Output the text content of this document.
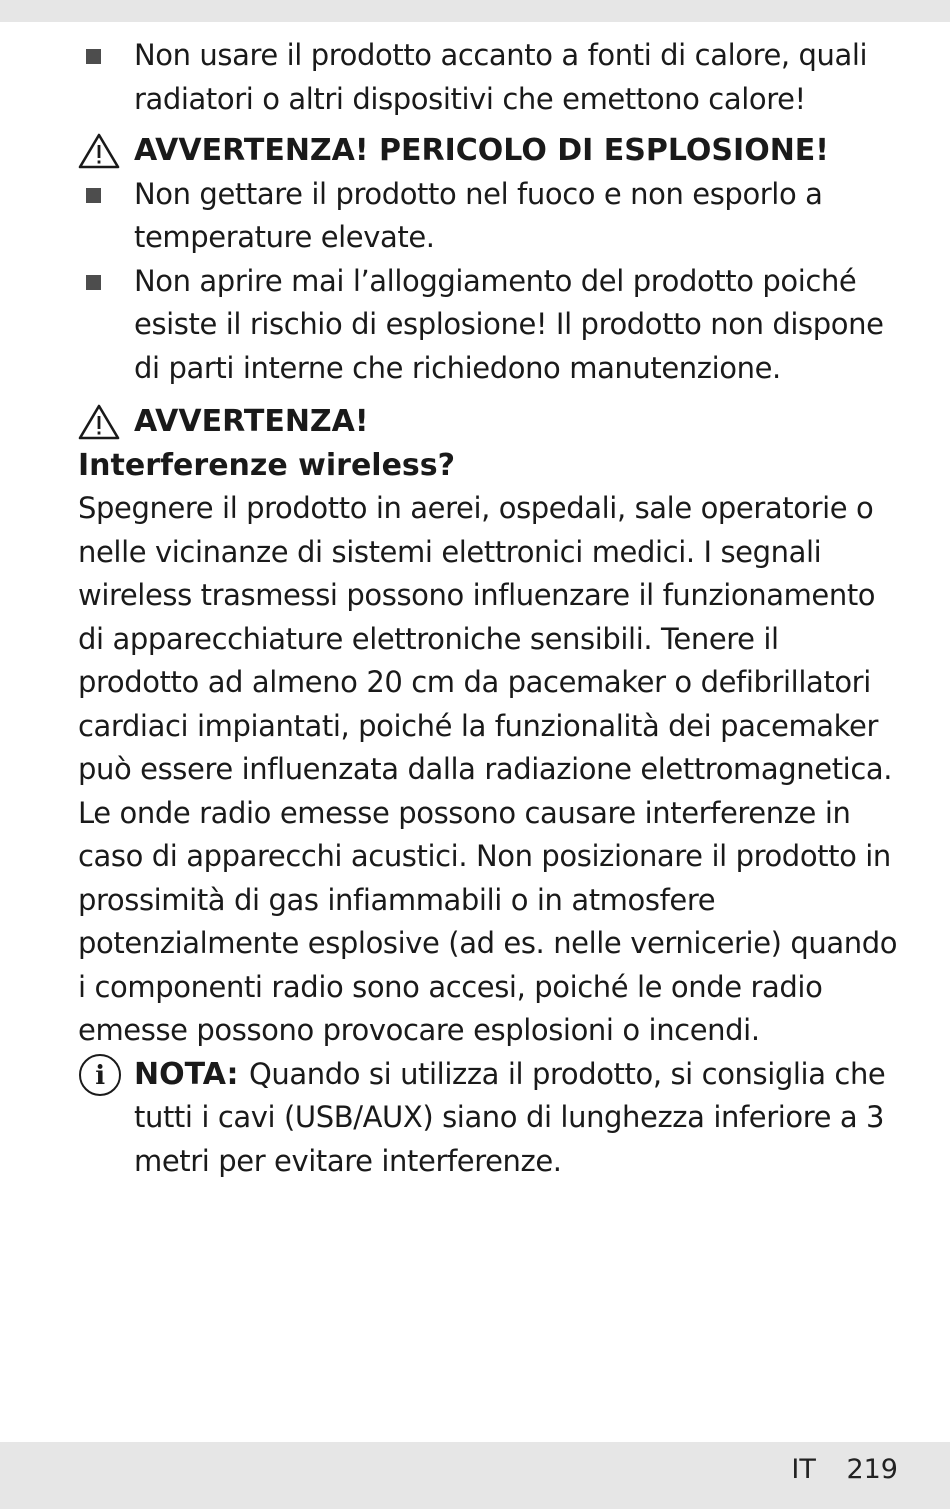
Non usare il prodotto accanto a fonti di calore, quali radiatori o altri dispositivi che emettono calore!
AVVERTENZA! PERICOLO DI ESPLOSIONE!
Non gettare il prodotto nel fuoco e non esporlo a temperature elevate.
Non aprire mai l’alloggiamento del prodotto poiché esiste il rischio di esplosione! Il prodotto non dispone di parti interne che richiedono manutenzione.
AVVERTENZA!
Interferenze wireless?
Spegnere il prodotto in aerei, ospedali, sale operatorie o nelle vicinanze di sistemi elettronici medici. I segnali wireless trasmessi possono influenzare il funzionamento di apparecchiature elettroniche sensibili. Tenere il prodotto ad almeno 20 cm da pacemaker o defibrillatori cardiaci impiantati, poiché la funzionalità dei pacemaker può essere influenzata dalla radiazione elettromagnetica. Le onde radio emesse possono causare interferenze in caso di apparecchi acustici. Non posizionare il prodotto in prossimità di gas infiammabili o in atmosfere potenzialmente esplosive (ad es. nelle vernicerie) quando i componenti radio sono accesi, poiché le onde radio emesse possono provocare esplosioni o incendi.
i NOTA: Quando si utilizza il prodotto, si consiglia che tutti i cavi (USB/AUX) siano di lunghezza inferiore a 3 metri per evitare interferenze.
IT 219
